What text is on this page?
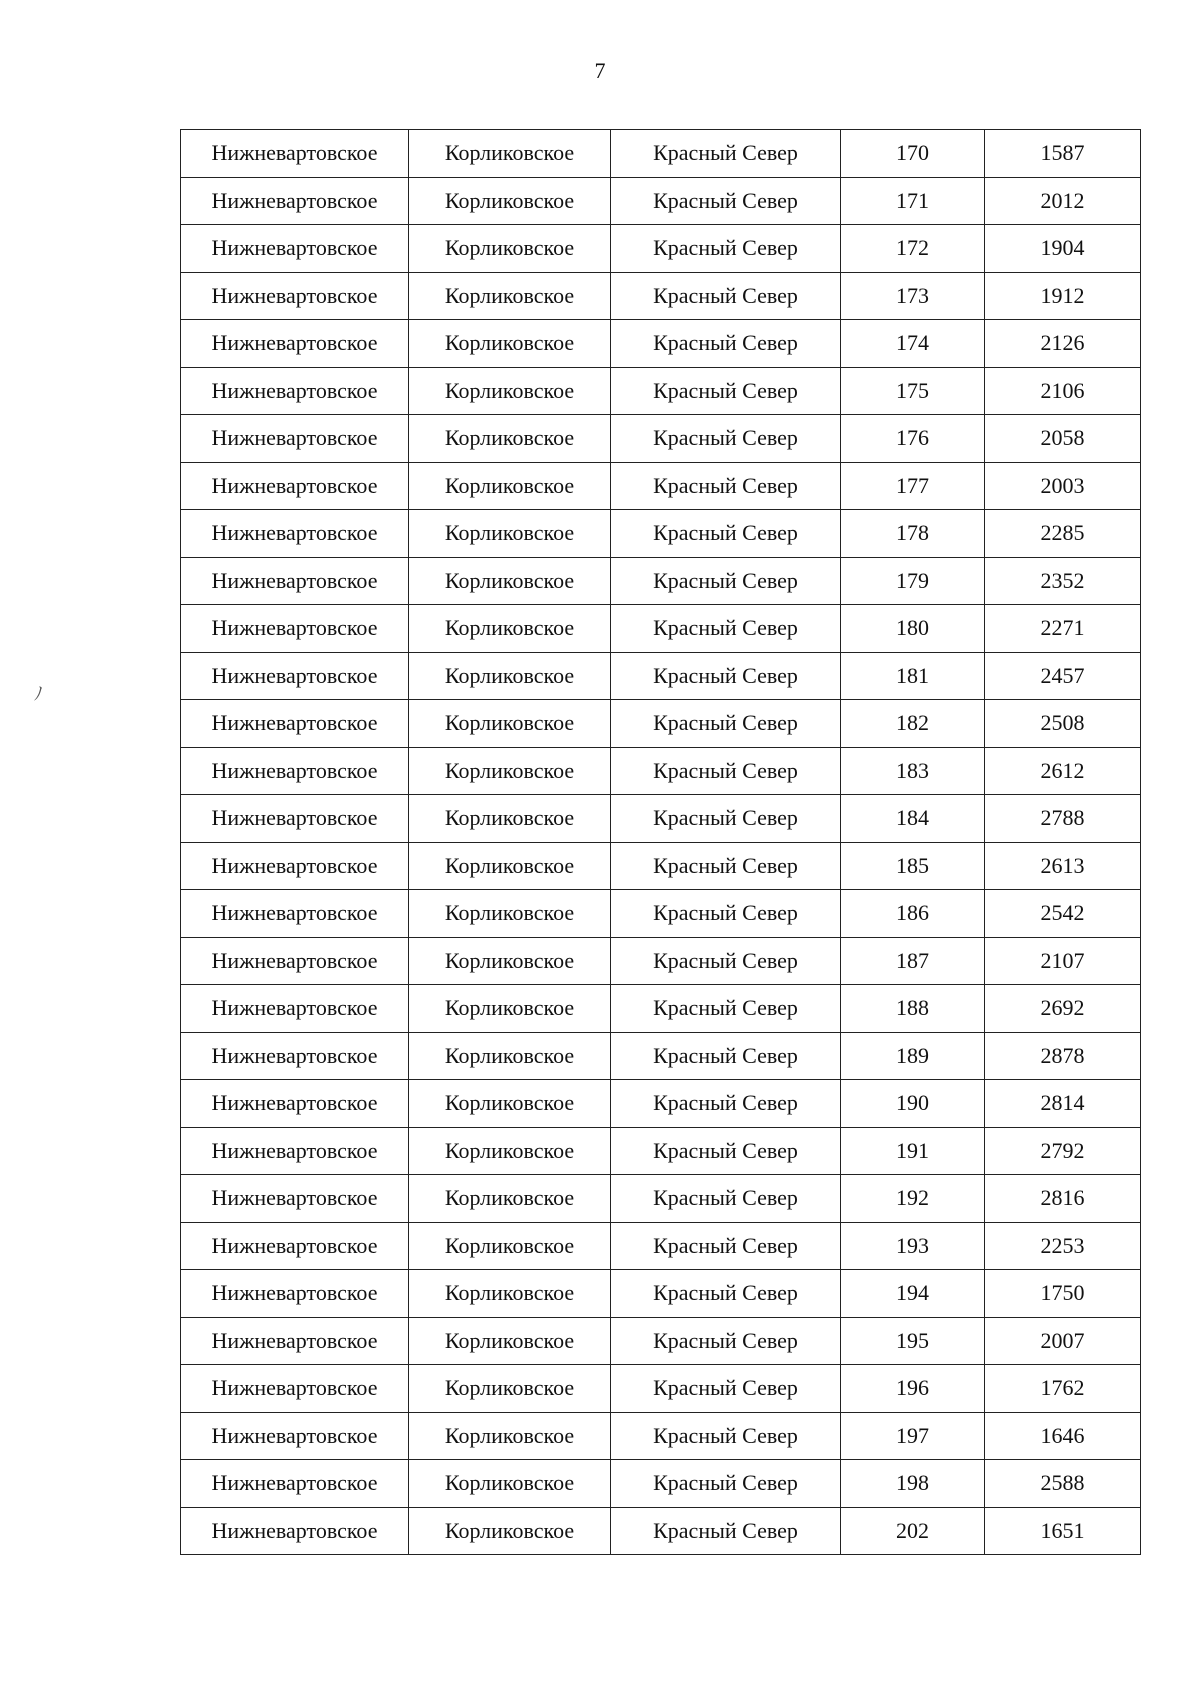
7
ﾉ
Нижневартовское	Корликовское	Красный Север	170	1587
Нижневартовское	Корликовское	Красный Север	171	2012
Нижневартовское	Корликовское	Красный Север	172	1904
Нижневартовское	Корликовское	Красный Север	173	1912
Нижневартовское	Корликовское	Красный Север	174	2126
Нижневартовское	Корликовское	Красный Север	175	2106
Нижневартовское	Корликовское	Красный Север	176	2058
Нижневартовское	Корликовское	Красный Север	177	2003
Нижневартовское	Корликовское	Красный Север	178	2285
Нижневартовское	Корликовское	Красный Север	179	2352
Нижневартовское	Корликовское	Красный Север	180	2271
Нижневартовское	Корликовское	Красный Север	181	2457
Нижневартовское	Корликовское	Красный Север	182	2508
Нижневартовское	Корликовское	Красный Север	183	2612
Нижневартовское	Корликовское	Красный Север	184	2788
Нижневартовское	Корликовское	Красный Север	185	2613
Нижневартовское	Корликовское	Красный Север	186	2542
Нижневартовское	Корликовское	Красный Север	187	2107
Нижневартовское	Корликовское	Красный Север	188	2692
Нижневартовское	Корликовское	Красный Север	189	2878
Нижневартовское	Корликовское	Красный Север	190	2814
Нижневартовское	Корликовское	Красный Север	191	2792
Нижневартовское	Корликовское	Красный Север	192	2816
Нижневартовское	Корликовское	Красный Север	193	2253
Нижневартовское	Корликовское	Красный Север	194	1750
Нижневартовское	Корликовское	Красный Север	195	2007
Нижневартовское	Корликовское	Красный Север	196	1762
Нижневартовское	Корликовское	Красный Север	197	1646
Нижневартовское	Корликовское	Красный Север	198	2588
Нижневартовское	Корликовское	Красный Север	202	1651
